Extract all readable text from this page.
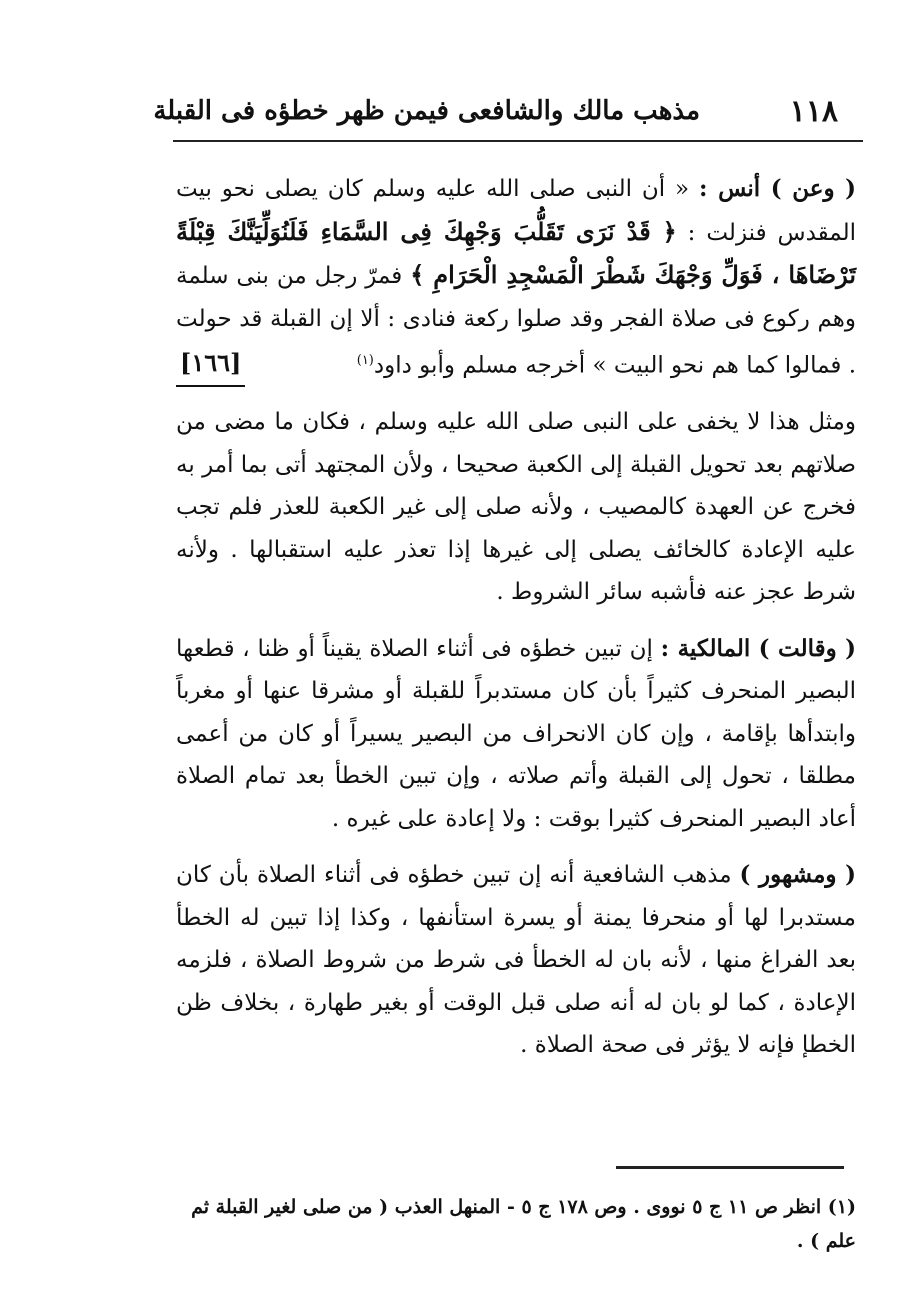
١١٨
مذهب مالك والشافعى فيمن ظهر خطؤه فى القبلة

( وعن ) أنس : « أن النبى صلى الله عليه وسلم كان يصلى نحو بيت المقدس فنزلت : ﴿ قَدْ نَرَى تَقَلُّبَ وَجْهِكَ فِى السَّمَاءِ فَلَنُوَلِّيَنَّكَ قِبْلَةً تَرْضَاهَا ، فَوَلِّ وَجْهَكَ شَطْرَ الْمَسْجِدِ الْحَرَامِ ﴾ فمرّ رجل من بنى سلمة وهم ركوع فى صلاة الفجر وقد صلوا ركعة فنادى : ألا إن القبلة قد حولت . فمالوا كما هم نحو البيت » أخرجه مسلم وأبو داود$^{(١)}$
[١٦٦]

ومثل هذا لا يخفى على النبى صلى الله عليه وسلم ، فكان ما مضى من صلاتهم بعد تحويل القبلة إلى الكعبة صحيحا ، ولأن المجتهد أتى بما أمر به فخرج عن العهدة كالمصيب ، ولأنه صلى إلى غير الكعبة للعذر فلم تجب عليه الإعادة كالخائف يصلى إلى غيرها إذا تعذر عليه استقبالها . ولأنه شرط عجز عنه فأشبه سائر الشروط .

( وقالت ) المالكية : إن تبين خطؤه فى أثناء الصلاة يقيناً أو ظنا ، قطعها البصير المنحرف كثيراً بأن كان مستدبراً للقبلة أو مشرقا عنها أو مغرباً وابتدأها بإقامة ، وإن كان الانحراف من البصير يسيراً أو كان من أعمى مطلقا ، تحول إلى القبلة وأتم صلاته ، وإن تبين الخطأ بعد تمام الصلاة أعاد البصير المنحرف كثيرا بوقت : ولا إعادة على غيره .

( ومشهور ) مذهب الشافعية أنه إن تبين خطؤه فى أثناء الصلاة بأن كان مستدبرا لها أو منحرفا يمنة أو يسرة استأنفها ، وكذا إذا تبين له الخطأ بعد الفراغ منها ، لأنه بان له الخطأ فى شرط من شروط الصلاة ، فلزمه الإعادة ، كما لو بان له أنه صلى قبل الوقت أو بغير طهارة ، بخلاف ظن الخطإ فإنه لا يؤثر فى صحة الصلاة .

(١) انظر ص ١١ ج ٥ نووى . وص ١٧٨ ج ٥ - المنهل العذب ( من صلى لغير القبلة ثم علم ) .
